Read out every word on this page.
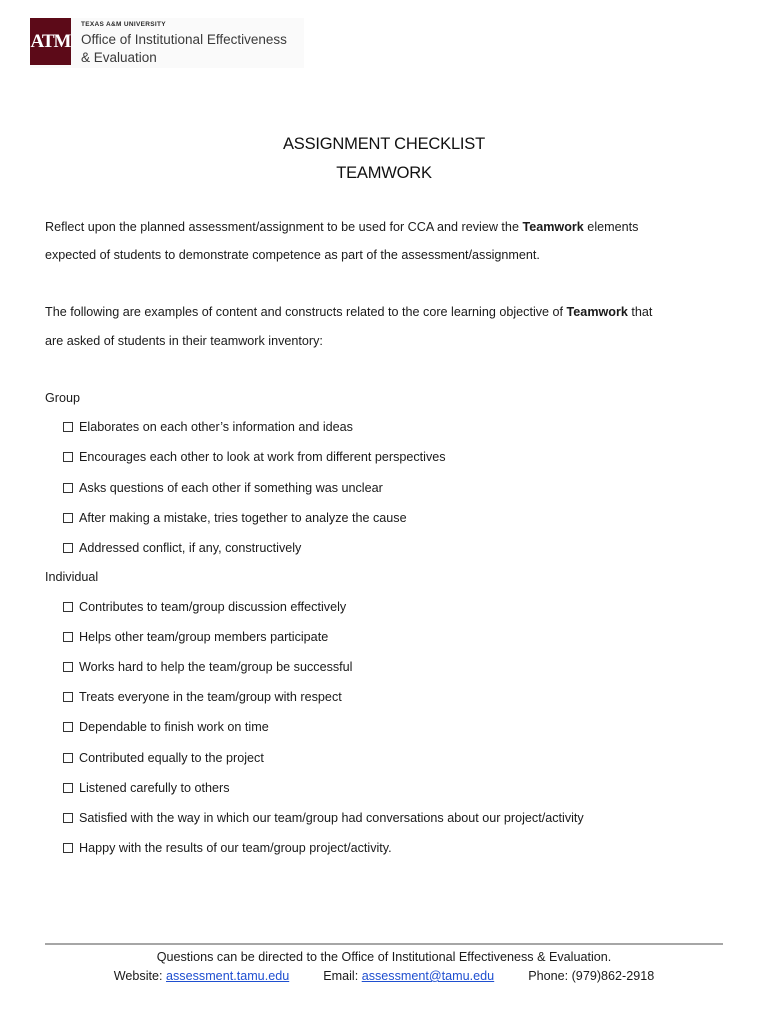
ATM
TEXAS A&M UNIVERSITY
Office of Institutional Effectiveness
& Evaluation
ASSIGNMENT CHECKLIST
TEAMWORK
Reflect upon the planned assessment/assignment to be used for CCA and review the Teamwork elements
expected of students to demonstrate competence as part of the assessment/assignment.
The following are examples of content and constructs related to the core learning objective of Teamwork that
are asked of students in their teamwork inventory:
Group
Elaborates on each other’s information and ideas
Encourages each other to look at work from different perspectives
Asks questions of each other if something was unclear
After making a mistake, tries together to analyze the cause
Addressed conflict, if any, constructively
Individual
Contributes to team/group discussion effectively
Helps other team/group members participate
Works hard to help the team/group be successful
Treats everyone in the team/group with respect
Dependable to finish work on time
Contributed equally to the project
Listened carefully to others
Satisfied with the way in which our team/group had conversations about our project/activity
Happy with the results of our team/group project/activity.
Questions can be directed to the Office of Institutional Effectiveness & Evaluation.
Website: assessment.tamu.edu	Email: assessment@tamu.edu	Phone: (979)862-2918
